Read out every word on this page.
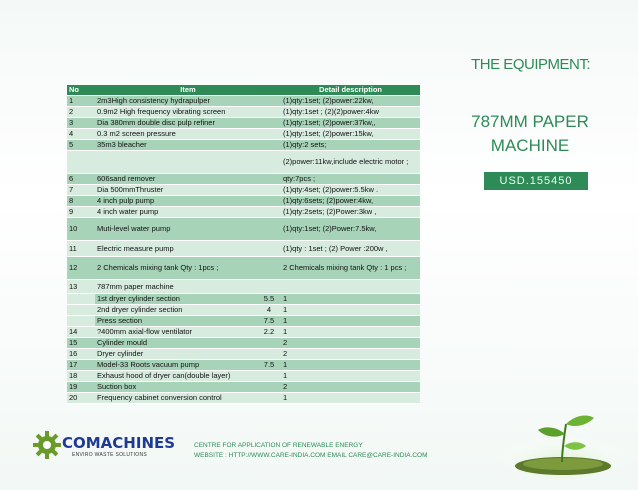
THE EQUIPMENT:
787MM PAPER
MACHINE
USD.155450
No	Item		Detail description
1	2m3High consistency hydrapulper		(1)qty:1set; (2)power:22kw,
2	0.9m2 High frequency vibrating screen		(1)qty:1set ; (2)(2)power:4kw
3	Dia 380mm double disc pulp refiner		(1)qty:1set; (2)power:37kw,,
4	0.3 m2 screen pressure		(1)qty:1set; (2)power:15kw,
5	35m3 bleacher		(1)qty:2 sets;
			(2)power:11kw,include electric motor ;
6	606sand remover		qty:7pcs ;
7	Dia 500mmThruster		(1)qty:4set; (2)power:5.5kw .
8	4 inch pulp pump		(1)qty:6sets; (2)power:4kw,
9	4 inch water pump		(1)qty:2sets; (2)Power:3kw ,
10	Muti-level water pump		(1)qty:1set; (2)Power:7.5kw,
11	Electric measure pump		(1)qty : 1set ; (2) Power :200w ,
12	2 Chemicals mixing tank Qty : 1pcs ;		2 Chemicals mixing tank Qty : 1 pcs ;
13	787mm paper machine		
	1st dryer cylinder section	5.5	1
	2nd dryer cylinder section	4	1
	Press section	7.5	1
14	?400mm axial-flow ventilator	2.2	1
15	Cylinder mould		2
16	Dryer cylinder		2
17	Model-33 Roots vacuum pump	7.5	1
18	Exhaust hood of dryer can(double layer)		1
19	Suction box		2
20	Frequency cabinet conversion control		1
COMACHINES
ENVIRO WASTE SOLUTIONS
CENTRE FOR APPLICATION OF RENEWABLE ENERGY
WEBSITE : HTTP://WWW.CARE-INDIA.COM EMAIL CARE@CARE-INDIA.COM
